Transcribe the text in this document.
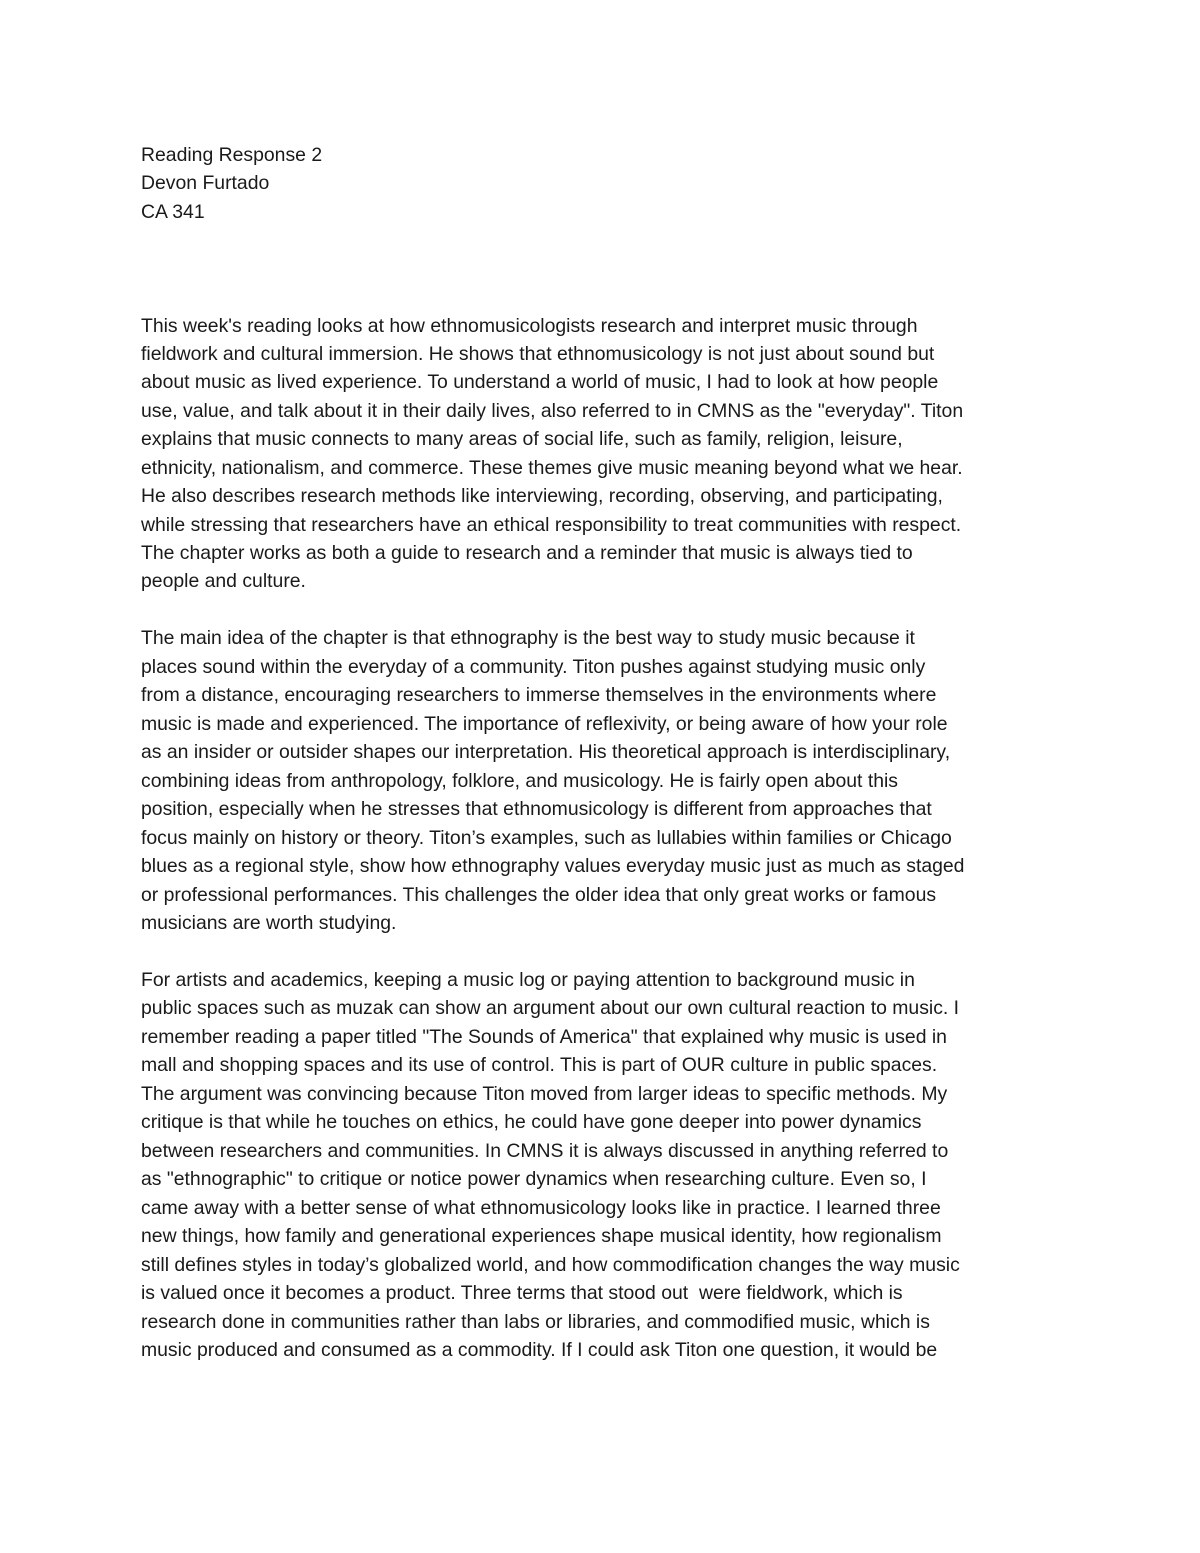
Reading Response 2
Devon Furtado
CA 341
This week's reading looks at how ethnomusicologists research and interpret music through
fieldwork and cultural immersion. He shows that ethnomusicology is not just about sound but
about music as lived experience. To understand a world of music, I had to look at how people
use, value, and talk about it in their daily lives, also referred to in CMNS as the "everyday". Titon
explains that music connects to many areas of social life, such as family, religion, leisure,
ethnicity, nationalism, and commerce. These themes give music meaning beyond what we hear.
He also describes research methods like interviewing, recording, observing, and participating,
while stressing that researchers have an ethical responsibility to treat communities with respect.
The chapter works as both a guide to research and a reminder that music is always tied to
people and culture.
The main idea of the chapter is that ethnography is the best way to study music because it
places sound within the everyday of a community. Titon pushes against studying music only
from a distance, encouraging researchers to immerse themselves in the environments where
music is made and experienced. The importance of reflexivity, or being aware of how your role
as an insider or outsider shapes our interpretation. His theoretical approach is interdisciplinary,
combining ideas from anthropology, folklore, and musicology. He is fairly open about this
position, especially when he stresses that ethnomusicology is different from approaches that
focus mainly on history or theory. Titon’s examples, such as lullabies within families or Chicago
blues as a regional style, show how ethnography values everyday music just as much as staged
or professional performances. This challenges the older idea that only great works or famous
musicians are worth studying.
For artists and academics, keeping a music log or paying attention to background music in
public spaces such as muzak can show an argument about our own cultural reaction to music. I
remember reading a paper titled "The Sounds of America" that explained why music is used in
mall and shopping spaces and its use of control. This is part of OUR culture in public spaces.
The argument was convincing because Titon moved from larger ideas to specific methods. My
critique is that while he touches on ethics, he could have gone deeper into power dynamics
between researchers and communities. In CMNS it is always discussed in anything referred to
as "ethnographic" to critique or notice power dynamics when researching culture. Even so, I
came away with a better sense of what ethnomusicology looks like in practice. I learned three
new things, how family and generational experiences shape musical identity, how regionalism
still defines styles in today’s globalized world, and how commodification changes the way music
is valued once it becomes a product. Three terms that stood out  were fieldwork, which is
research done in communities rather than labs or libraries, and commodified music, which is
music produced and consumed as a commodity. If I could ask Titon one question, it would be
